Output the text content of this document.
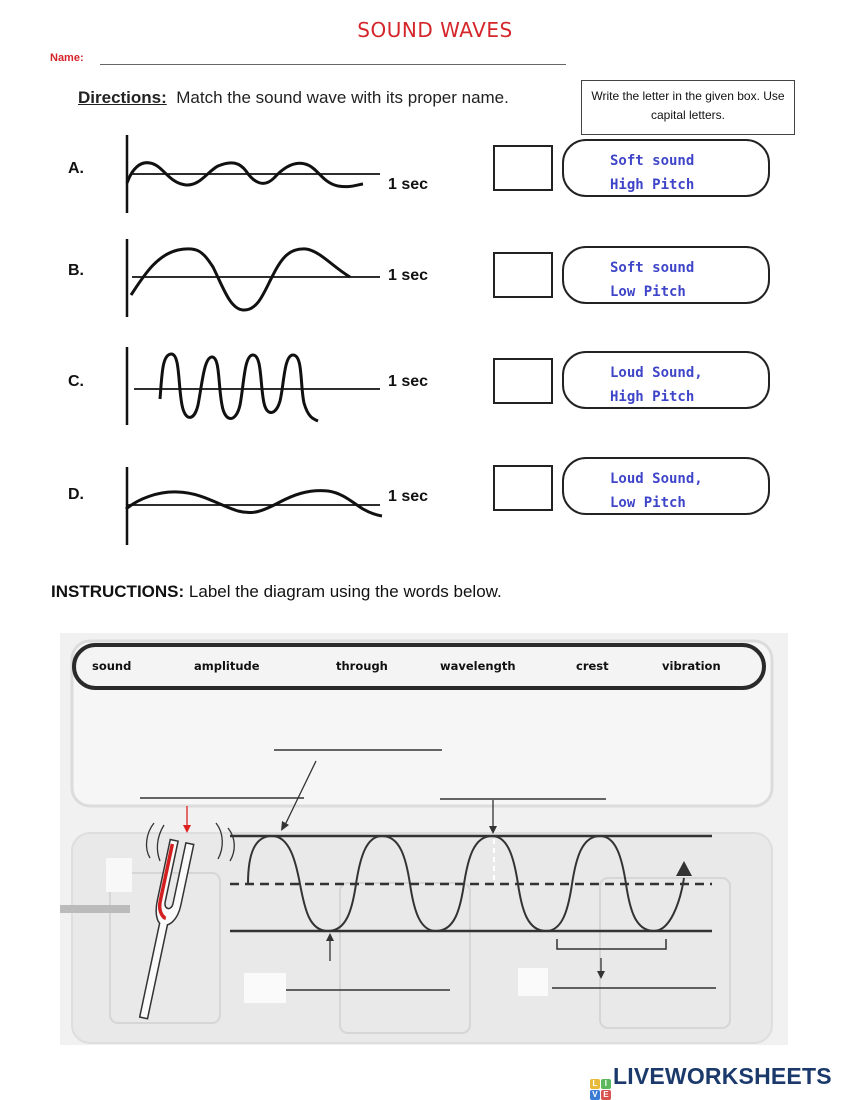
SOUND WAVES
Name:
Directions: Match the sound wave with its proper name.	Write the letter in the given box. Use capital letters.
A.
1 sec
B.	1 sec
C.	1 sec
D.	1 sec
Soft sound
High Pitch
Soft sound
Low Pitch
Loud Sound,
High Pitch
Loud Sound,
Low Pitch
INSTRUCTIONS: Label the diagram using the words below.
sound	amplitude	through	wavelength	crest	vibration
L I
V E
LIVEWORKSHEETS
